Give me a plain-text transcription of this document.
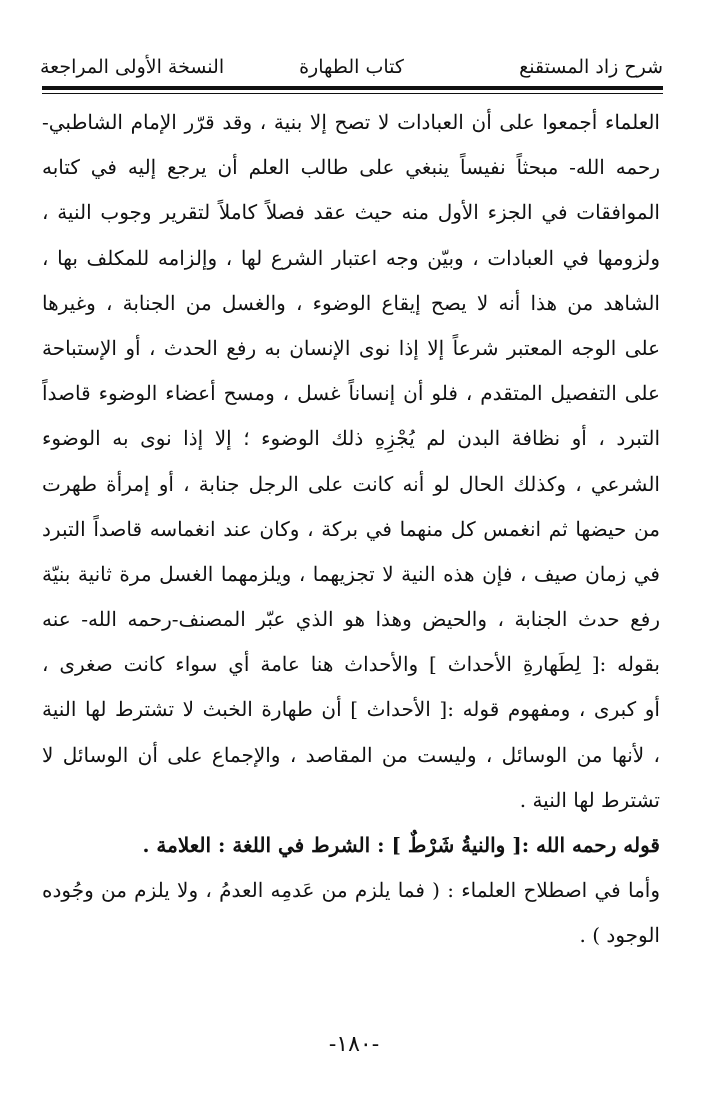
شرح زاد المستقنع
كتاب الطهارة
النسخة الأولى المراجعة
العلماء أجمعوا على أن العبادات لا تصح إلا بنية ، وقد قرّر الإمام الشاطبي-
رحمه الله- مبحثاً نفيساً ينبغي على طالب العلم أن يرجع إليه في كتابه
الموافقات في الجزء الأول منه حيث عقد فصلاً كاملاً لتقرير وجوب النية ،
ولزومها في العبادات ، وبيّن وجه اعتبار الشرع لها ، وإلزامه للمكلف بها ،
الشاهد من هذا أنه لا يصح إيقاع الوضوء ، والغسل من الجنابة ، وغيرها
على الوجه المعتبر شرعاً إلا إذا نوى الإنسان به رفع الحدث ، أو الإستباحة
على التفصيل المتقدم ، فلو أن إنساناً غسل ، ومسح أعضاء الوضوء قاصداً
التبرد ، أو نظافة البدن لم يُجْزِهِ ذلك الوضوء ؛ إلا إذا نوى به الوضوء
الشرعي ، وكذلك الحال لو أنه كانت على الرجل جنابة ، أو إمرأة طهرت
من حيضها ثم انغمس كل منهما في بركة ، وكان عند انغماسه قاصداً التبرد
في زمان صيف ، فإن هذه النية لا تجزيهما ، ويلزمهما الغسل مرة ثانية بنيّة
رفع حدث الجنابة ، والحيض وهذا هو الذي عبّر المصنف-رحمه الله- عنه
بقوله :[ لِطَهارةِ الأحداث ] والأحداث هنا عامة أي سواء كانت صغرى ،
أو كبرى ، ومفهوم قوله :[ الأحداث ] أن طهارة الخبث لا تشترط لها النية
، لأنها من الوسائل ، وليست من المقاصد ، والإجماع على أن الوسائل لا
تشترط لها النية .
قوله رحمه الله :[ والنيةُ شَرْطٌ ] : الشرط في اللغة : العلامة .
وأما في اصطلاح العلماء : ( فما يلزم من عَدمِه العدمُ ، ولا يلزم من وجُوده
الوجود ) .
-١٨٠-
